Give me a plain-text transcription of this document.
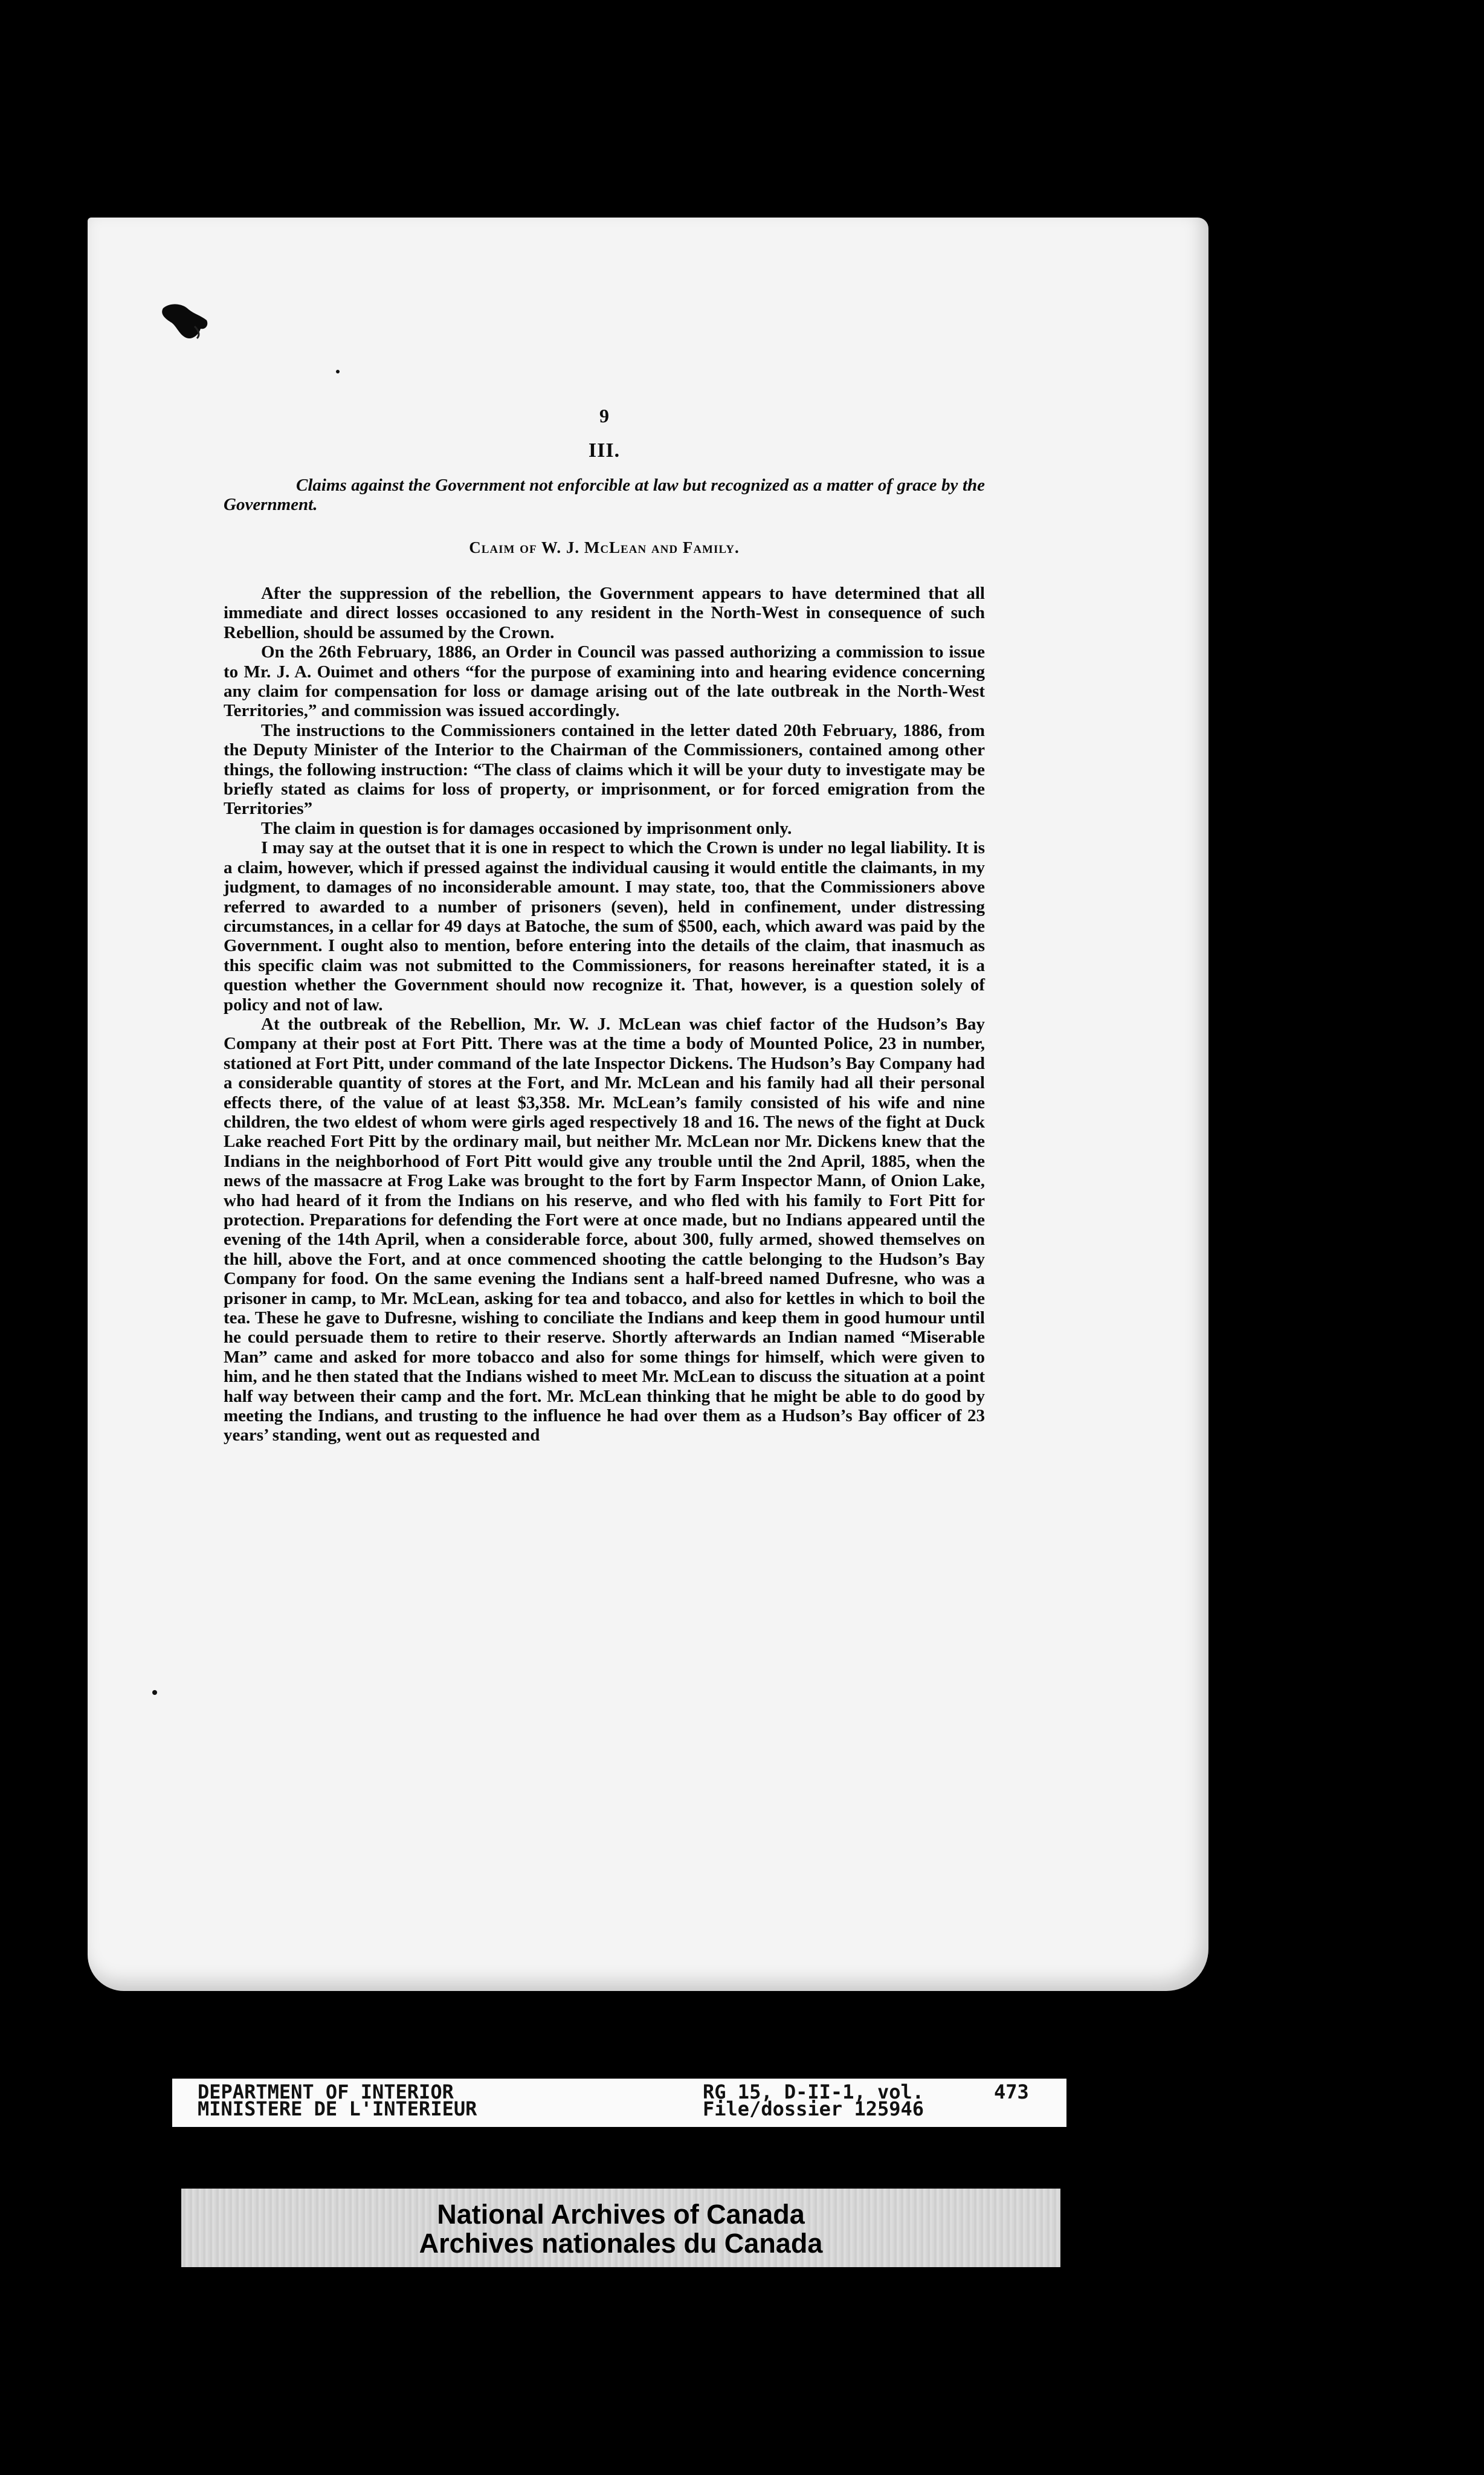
9

III.

Claims against the Government not enforcible at law but recognized as a matter of grace by the Government.

Claim of W. J. McLean and Family.

After the suppression of the rebellion, the Government appears to have determined that all immediate and direct losses occasioned to any resident in the North-West in consequence of such Rebellion, should be assumed by the Crown.

On the 26th February, 1886, an Order in Council was passed authorizing a commission to issue to Mr. J. A. Ouimet and others “for the purpose of examining into and hearing evidence concerning any claim for compensation for loss or damage arising out of the late outbreak in the North-West Territories,” and commission was issued accordingly.

The instructions to the Commissioners contained in the letter dated 20th February, 1886, from the Deputy Minister of the Interior to the Chairman of the Commissioners, contained among other things, the following instruction: “The class of claims which it will be your duty to investigate may be briefly stated as claims for loss of property, or imprisonment, or for forced emigration from the Territories”

The claim in question is for damages occasioned by imprisonment only.

I may say at the outset that it is one in respect to which the Crown is under no legal liability. It is a claim, however, which if pressed against the individual causing it would entitle the claimants, in my judgment, to damages of no inconsiderable amount. I may state, too, that the Commissioners above referred to awarded to a number of prisoners (seven), held in confinement, under distressing circumstances, in a cellar for 49 days at Batoche, the sum of $500, each, which award was paid by the Government. I ought also to mention, before entering into the details of the claim, that inasmuch as this specific claim was not submitted to the Commissioners, for reasons hereinafter stated, it is a question whether the Government should now recognize it. That, however, is a question solely of policy and not of law.

At the outbreak of the Rebellion, Mr. W. J. McLean was chief factor of the Hudson’s Bay Company at their post at Fort Pitt. There was at the time a body of Mounted Police, 23 in number, stationed at Fort Pitt, under command of the late Inspector Dickens. The Hudson’s Bay Company had a considerable quantity of stores at the Fort, and Mr. McLean and his family had all their personal effects there, of the value of at least $3,358. Mr. McLean’s family consisted of his wife and nine children, the two eldest of whom were girls aged respectively 18 and 16. The news of the fight at Duck Lake reached Fort Pitt by the ordinary mail, but neither Mr. McLean nor Mr. Dickens knew that the Indians in the neighborhood of Fort Pitt would give any trouble until the 2nd April, 1885, when the news of the massacre at Frog Lake was brought to the fort by Farm Inspector Mann, of Onion Lake, who had heard of it from the Indians on his reserve, and who fled with his family to Fort Pitt for protection. Preparations for defending the Fort were at once made, but no Indians appeared until the evening of the 14th April, when a considerable force, about 300, fully armed, showed themselves on the hill, above the Fort, and at once commenced shooting the cattle belonging to the Hudson’s Bay Company for food. On the same evening the Indians sent a half-breed named Dufresne, who was a prisoner in camp, to Mr. McLean, asking for tea and tobacco, and also for kettles in which to boil the tea. These he gave to Dufresne, wishing to conciliate the Indians and keep them in good humour until he could persuade them to retire to their reserve. Shortly afterwards an Indian named “Miserable Man” came and asked for more tobacco and also for some things for himself, which were given to him, and he then stated that the Indians wished to meet Mr. McLean to discuss the situation at a point half way between their camp and the fort. Mr. McLean thinking that he might be able to do good by meeting the Indians, and trusting to the influence he had over them as a Hudson’s Bay officer of 23 years’ standing, went out as requested and

DEPARTMENT OF INTERIOR
MINISTERE DE L'INTERIEUR
RG 15, D-II-1, vol.
File/dossier 125946
473
National Archives of Canada
Archives nationales du Canada
